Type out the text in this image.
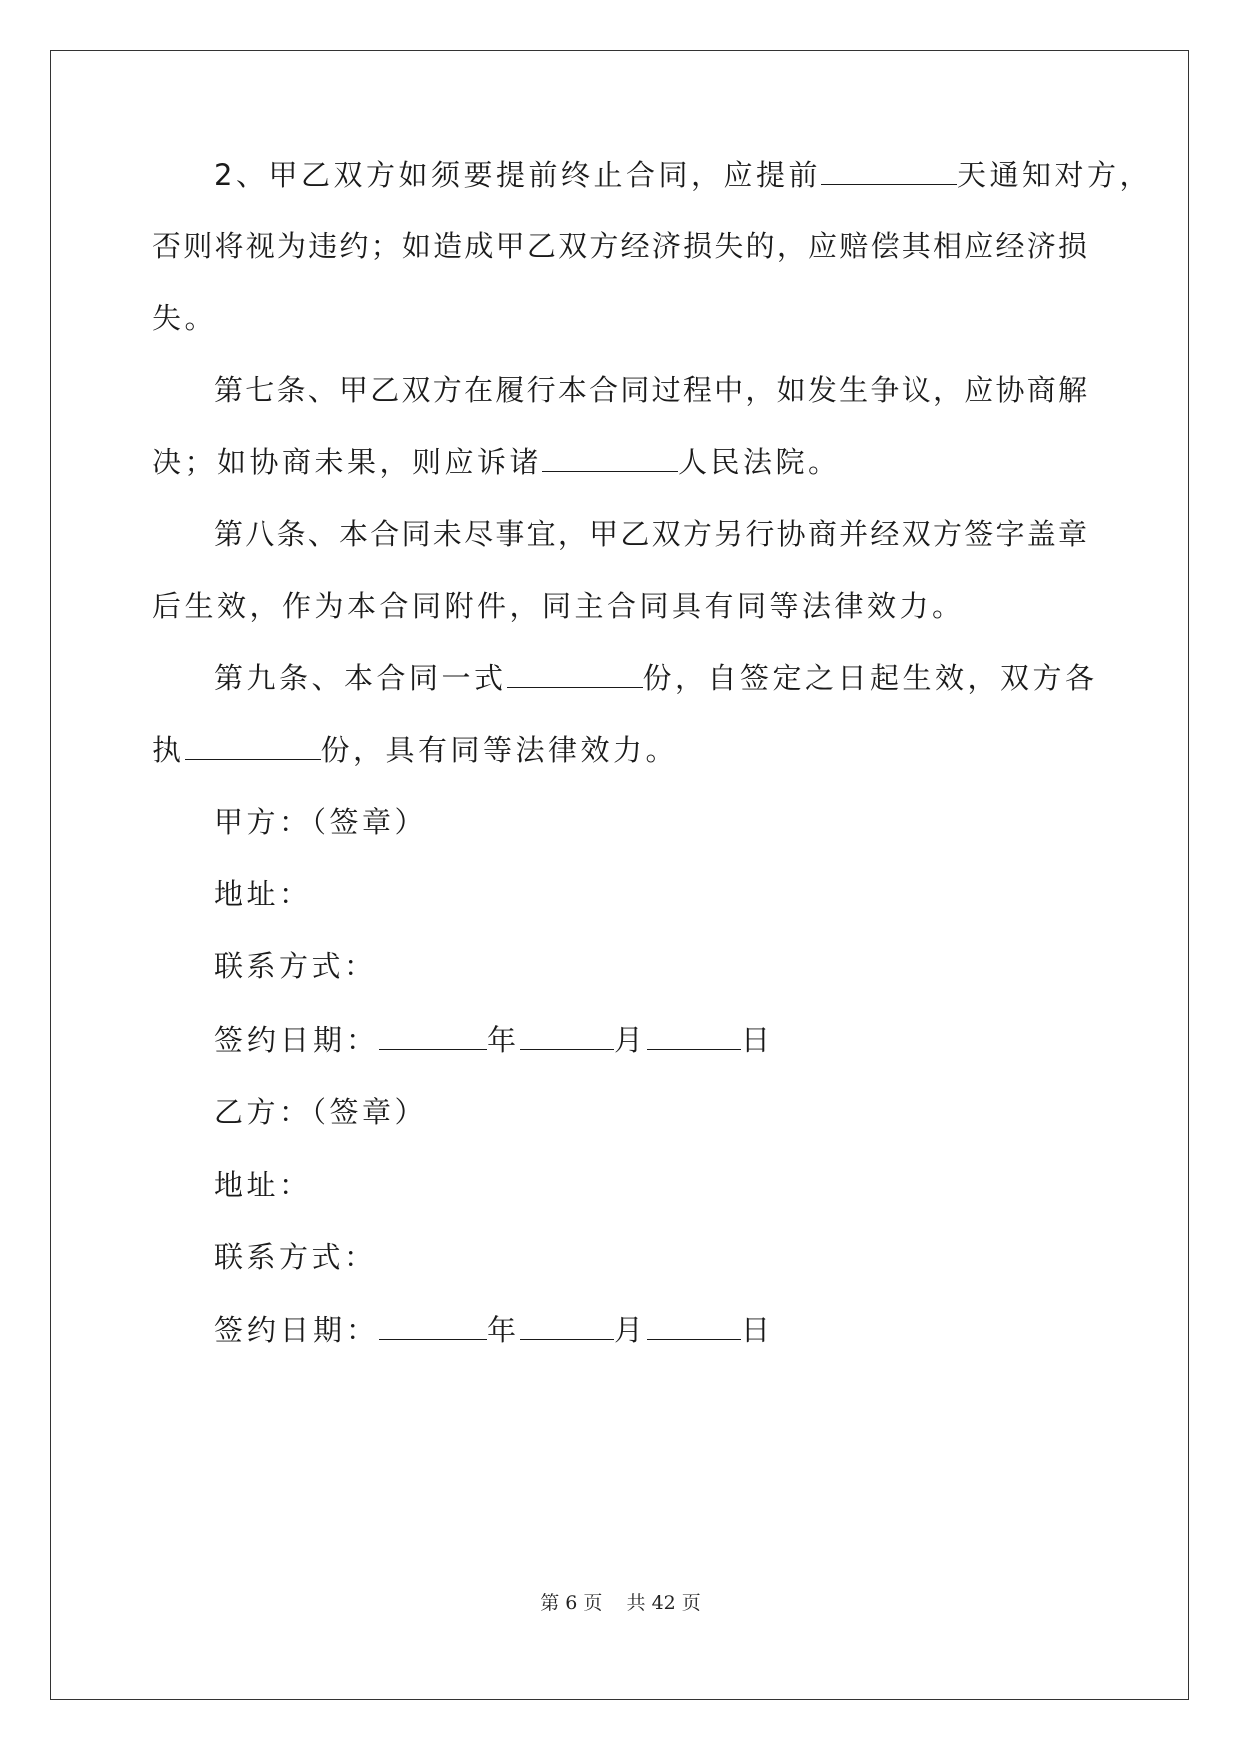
2、甲乙双方如须要提前终止合同，应提前	天通知对方，
否则将视为违约；如造成甲乙双方经济损失的，应赔偿其相应经济损
失。
第七条、甲乙双方在履行本合同过程中，如发生争议，应协商解
决；如协商未果，则应诉诸	人民法院。
第八条、本合同未尽事宜，甲乙双方另行协商并经双方签字盖章
后生效，作为本合同附件，同主合同具有同等法律效力。
第九条、本合同一式	份，自签定之日起生效，双方各
执	份，具有同等法律效力。
甲方：（签章）
地址：
联系方式：
签约日期：	年	月	日
乙方：（签章）
地址：
联系方式：
签约日期：	年	月	日
第 6 页 共 42 页
